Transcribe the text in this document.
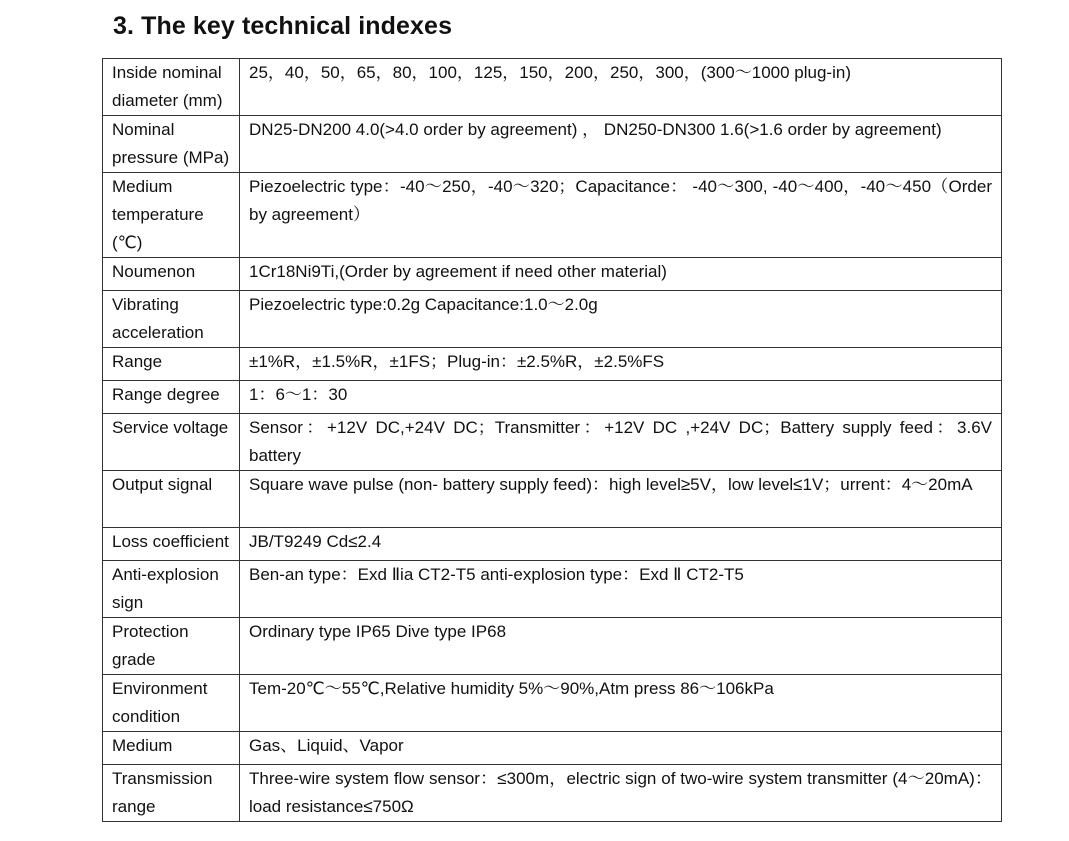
3. The key technical indexes
Inside nominal diameter (mm)	25，40，50，65，80，100，125，150，200，250，300，(300～1000 plug-in)
Nominal pressure (MPa)	DN25-DN200 4.0(>4.0 order by agreement) ， DN250-DN300 1.6(>1.6 order by agreement)
Medium temperature (℃)	Piezoelectric type：-40～250，-40～320；Capacitance： -40～300, -40～400，-40～450（Order by agreement）
Noumenon	1Cr18Ni9Ti,(Order by agreement if need other material)
Vibrating acceleration	Piezoelectric type:0.2g Capacitance:1.0～2.0g
Range	±1%R，±1.5%R，±1FS；Plug-in：±2.5%R，±2.5%FS
Range degree	1：6～1：30
Service voltage	Sensor：+12V DC,+24V DC；Transmitter：+12V DC ,+24V DC；Battery supply feed：3.6V battery
Output signal	Square wave pulse (non- battery supply feed)：high level≥5V，low level≤1V；urrent：4～20mA
Loss coefficient	JB/T9249 Cd≤2.4
Anti-explosion sign	Ben-an type：Exd Ⅱia CT2-T5 anti-explosion type：Exd Ⅱ CT2-T5
Protection grade	Ordinary type IP65 Dive type IP68
Environment condition	Tem-20℃～55℃,Relative humidity 5%～90%,Atm press 86～106kPa
Medium	Gas、Liquid、Vapor
Transmission range	Three-wire system flow sensor：≤300m，electric sign of two-wire system transmitter (4～20mA)：load resistance≤750Ω
